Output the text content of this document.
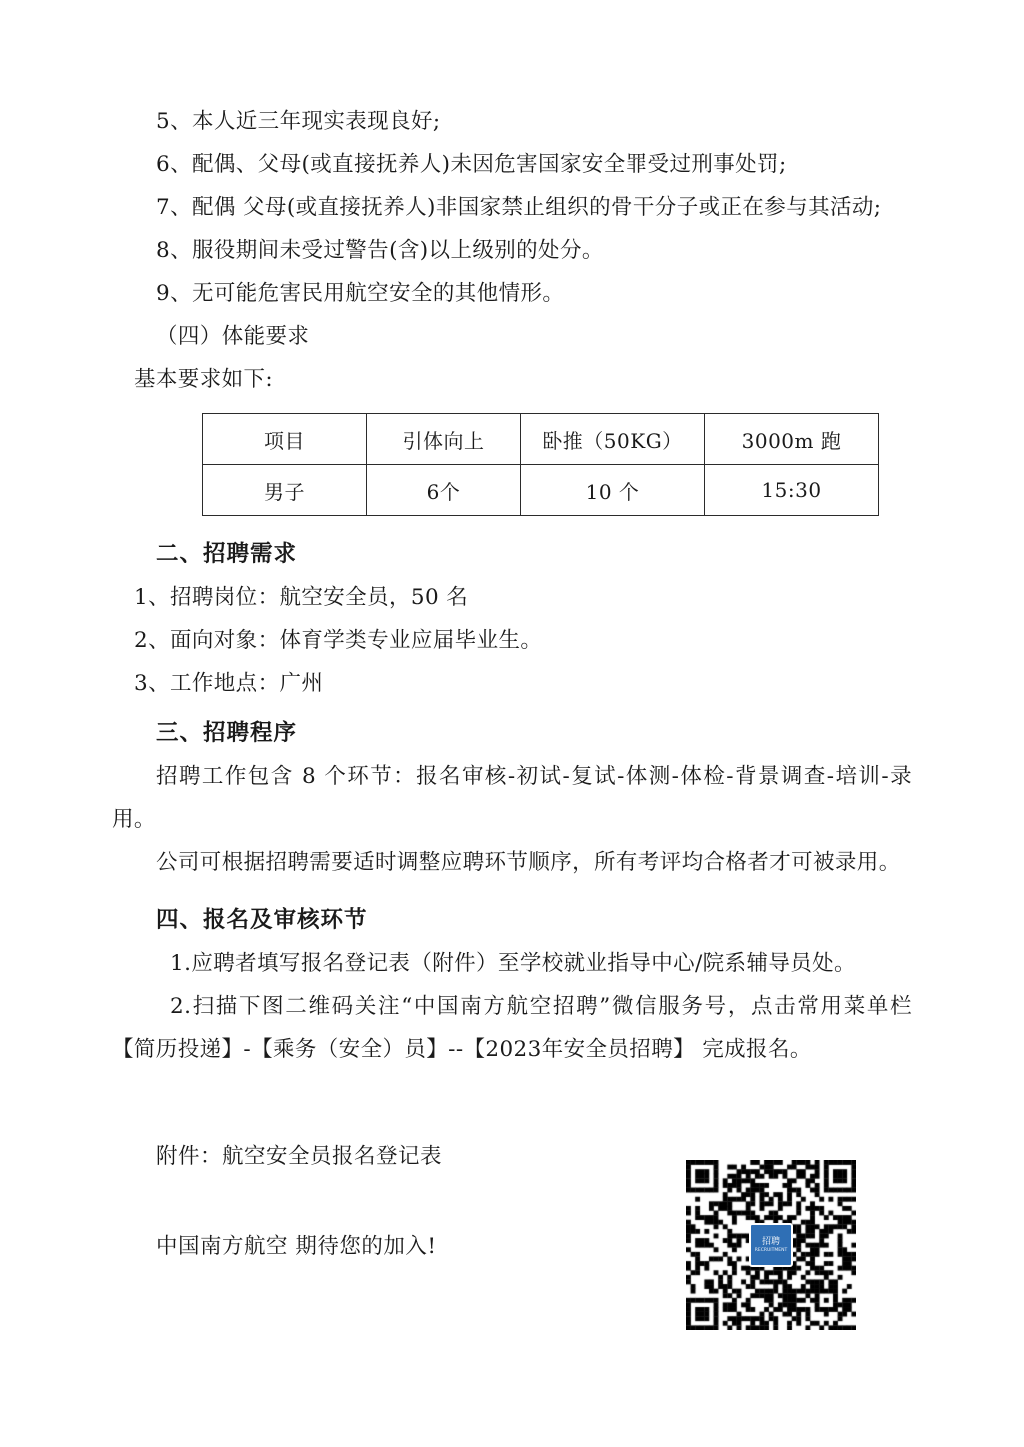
5、本人近三年现实表现良好;

6、配偶、父母(或直接抚养人)未因危害国家安全罪受过刑事处罚;

7、配偶 父母(或直接抚养人)非国家禁止组织的骨干分子或正在参与其活动;

8、服役期间未受过警告(含)以上级别的处分。

9、无可能危害民用航空安全的其他情形。

（四）体能要求

基本要求如下:

项目	引体向上	卧推（50KG）	3000m 跑
男子	6个	10 个	15:30

二、招聘需求

1、招聘岗位：航空安全员，50 名

2、面向对象：体育学类专业应届毕业生。

3、工作地点：广州

三、招聘程序

招聘工作包含 8 个环节：报名审核-初试-复试-体测-体检-背景调查-培训-录用。

公司可根据招聘需要适时调整应聘环节顺序，所有考评均合格者才可被录用。

四、报名及审核环节

1.应聘者填写报名登记表（附件）至学校就业指导中心/院系辅导员处。

2.扫描下图二维码关注“中国南方航空招聘”微信服务号，点击常用菜单栏【简历投递】-【乘务（安全）员】--【2023年安全员招聘】 完成报名。

附件：航空安全员报名登记表

中国南方航空 期待您的加入!	招聘
RECRUITMENT
